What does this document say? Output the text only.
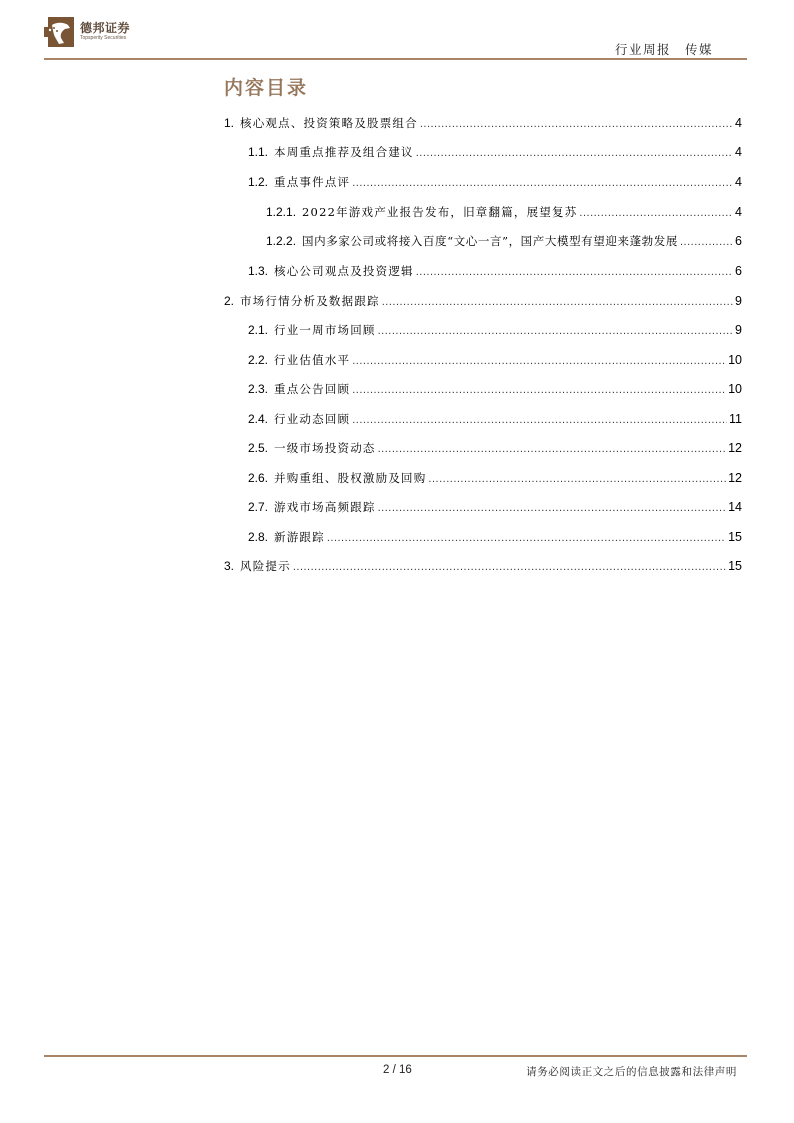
德邦证券
Topsperity Securities
行业周报 传媒
内容目录
1. 核心观点、投资策略及股票组合 .....	4
1.1. 本周重点推荐及组合建议 .....	4
1.2. 重点事件点评 .....	4
1.2.1. 2022年游戏产业报告发布，旧章翻篇，展望复苏 .....	4
1.2.2. 国内多家公司或将接入百度“文心一言”，国产大模型有望迎来蓬勃发展 .....	6
1.3. 核心公司观点及投资逻辑 .....	6
2. 市场行情分析及数据跟踪 .....	9
2.1. 行业一周市场回顾 .....	9
2.2. 行业估值水平 .....	10
2.3. 重点公告回顾 .....	10
2.4. 行业动态回顾 .....	11
2.5. 一级市场投资动态 .....	12
2.6. 并购重组、股权激励及回购 .....	12
2.7. 游戏市场高频跟踪 .....	14
2.8. 新游跟踪 .....	15
3. 风险提示 .....	15
2 / 16	请务必阅读正文之后的信息披露和法律声明
